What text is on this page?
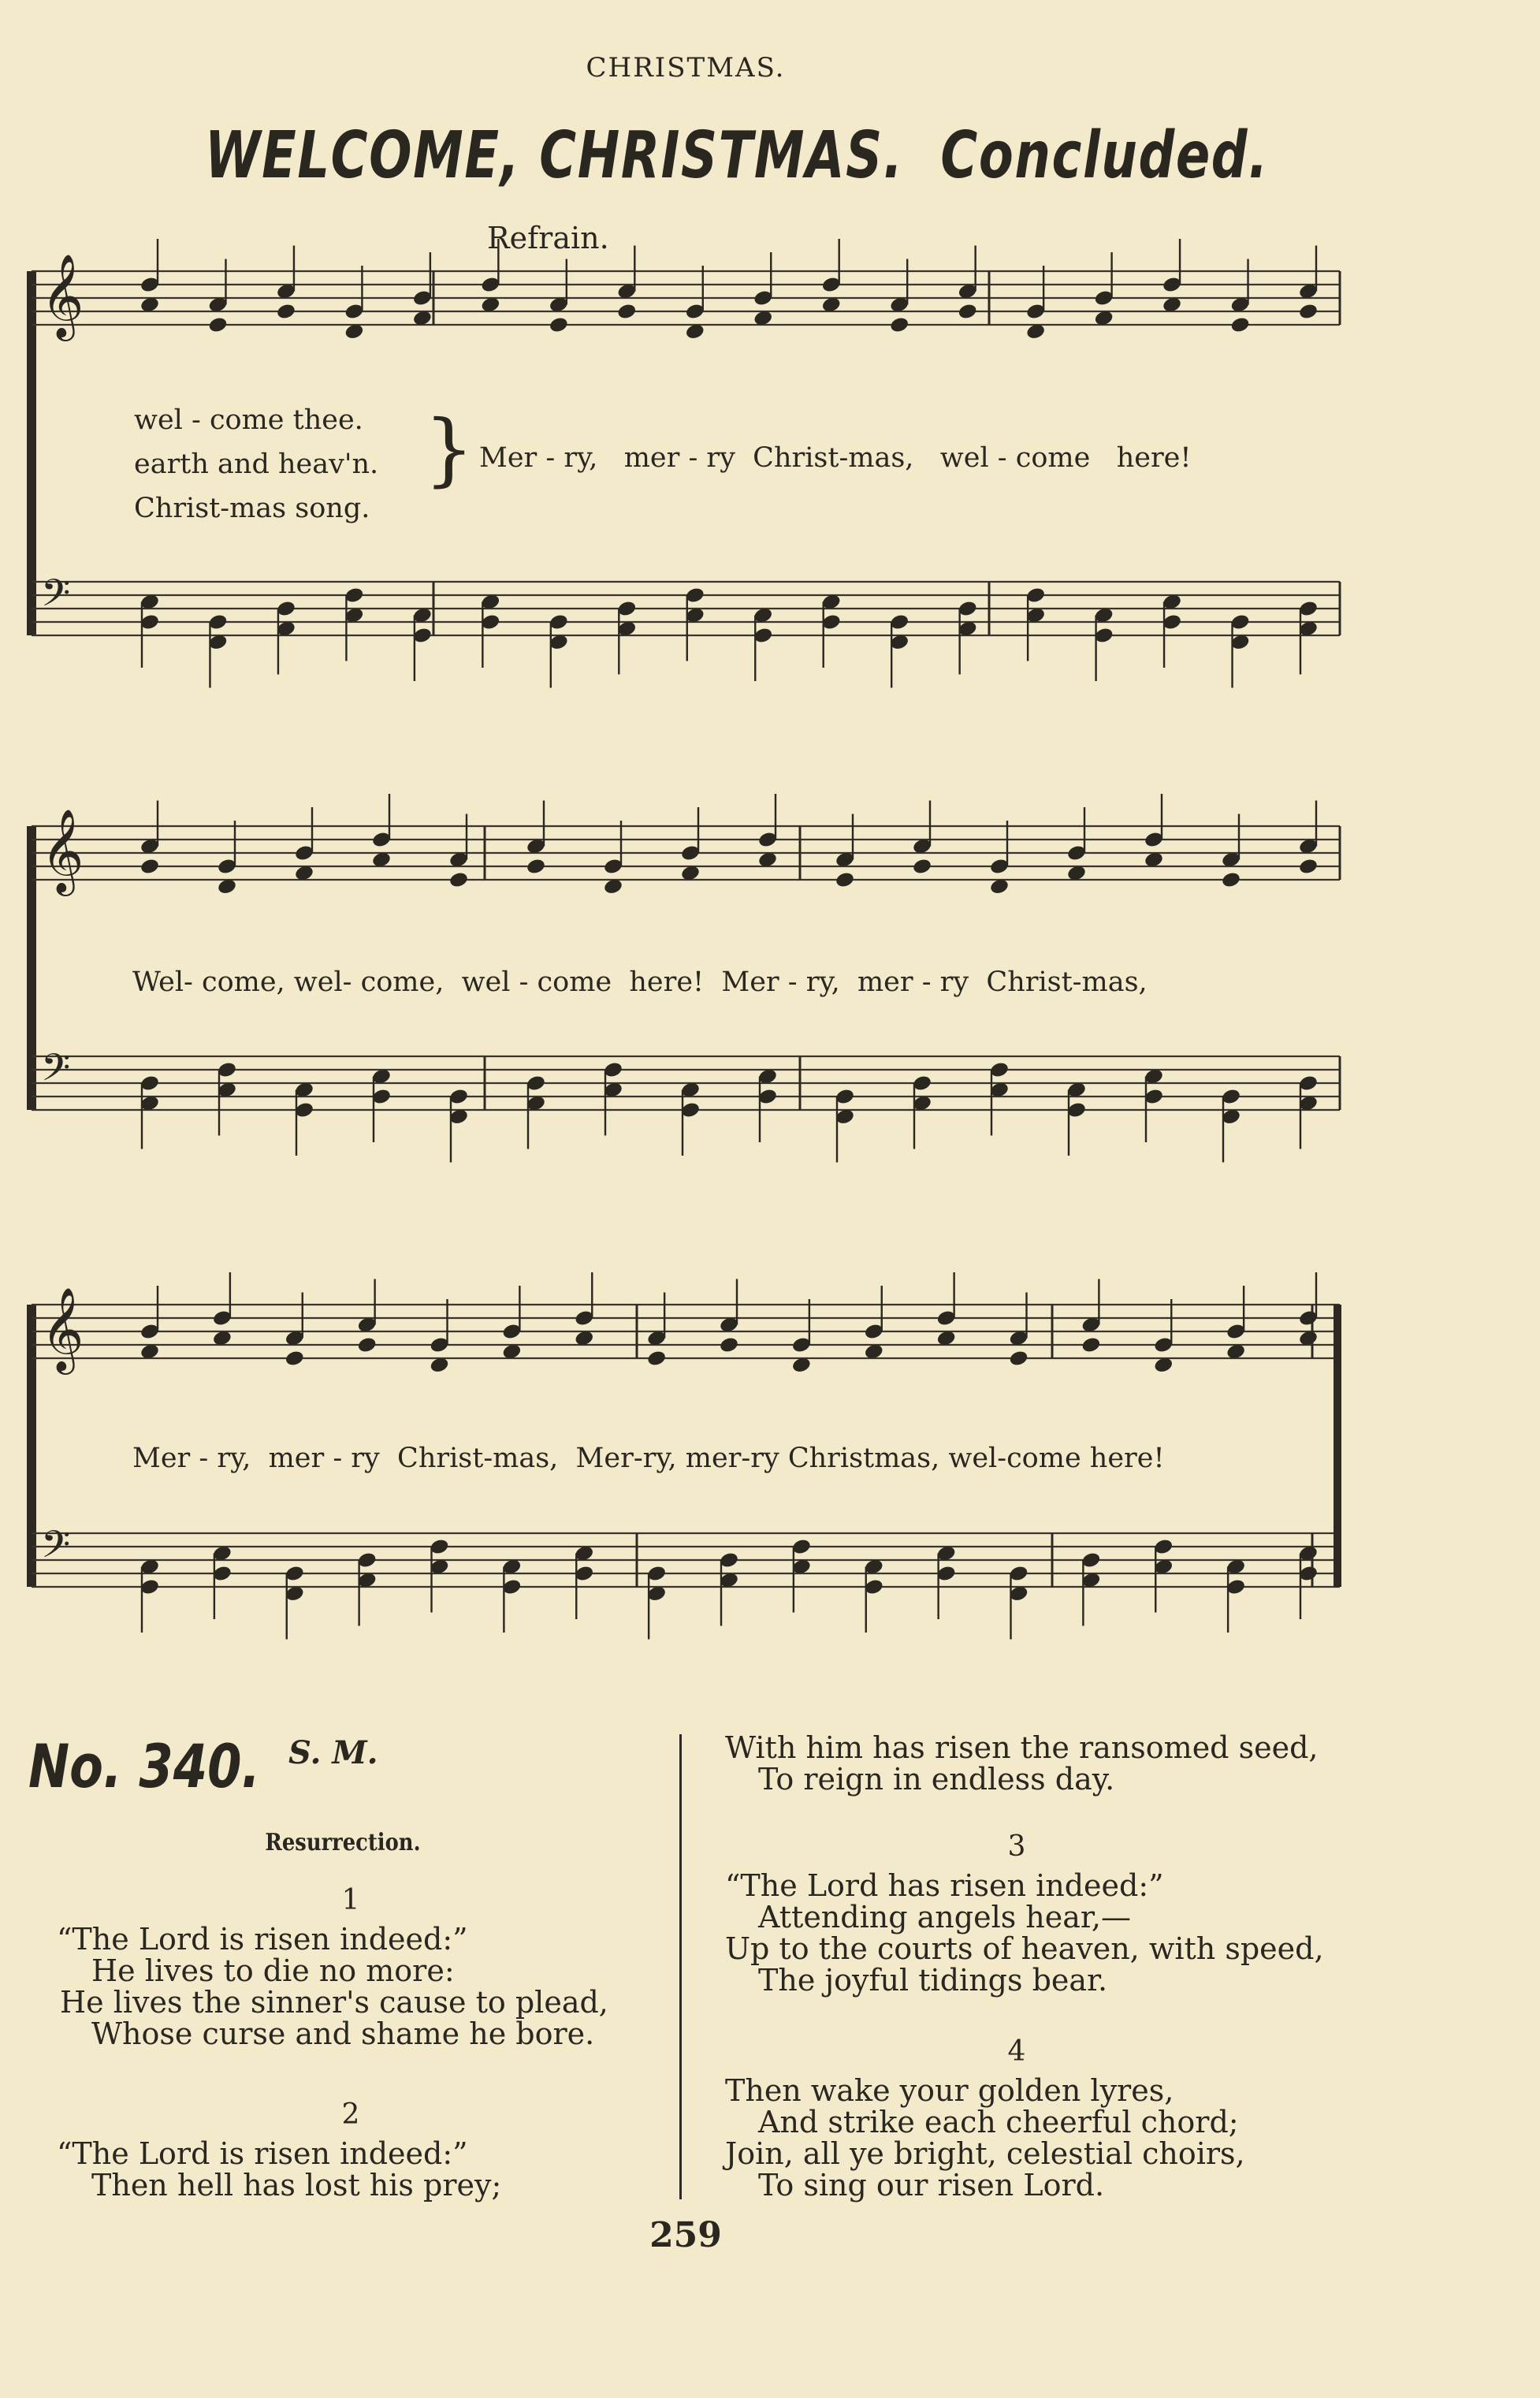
CHRISTMAS.
WELCOME, CHRISTMAS. Concluded.
Refrain.
𝄞
𝄢
𝄞
𝄢
𝄞
𝄢
wel - come thee.
earth and heav'n.
Christ-mas song.
} Mer - ry,   mer - ry  Christ-mas,   wel - come   here!
Wel- come, wel- come,  wel - come  here!  Mer - ry,  mer - ry  Christ-mas,
Mer - ry,  mer - ry  Christ-mas,  Mer-ry, mer-ry Christmas, wel-come here!
No. 340. S. M.
Resurrection.
1
“The Lord is risen indeed:”
He lives to die no more:
He lives the sinner's cause to plead,
Whose curse and shame he bore.
2
“The Lord is risen indeed:”
Then hell has lost his prey;
With him has risen the ransomed seed,
To reign in endless day.
3
“The Lord has risen indeed:”
Attending angels hear,—
Up to the courts of heaven, with speed,
The joyful tidings bear.
4
Then wake your golden lyres,
And strike each cheerful chord;
Join, all ye bright, celestial choirs,
To sing our risen Lord.
259
